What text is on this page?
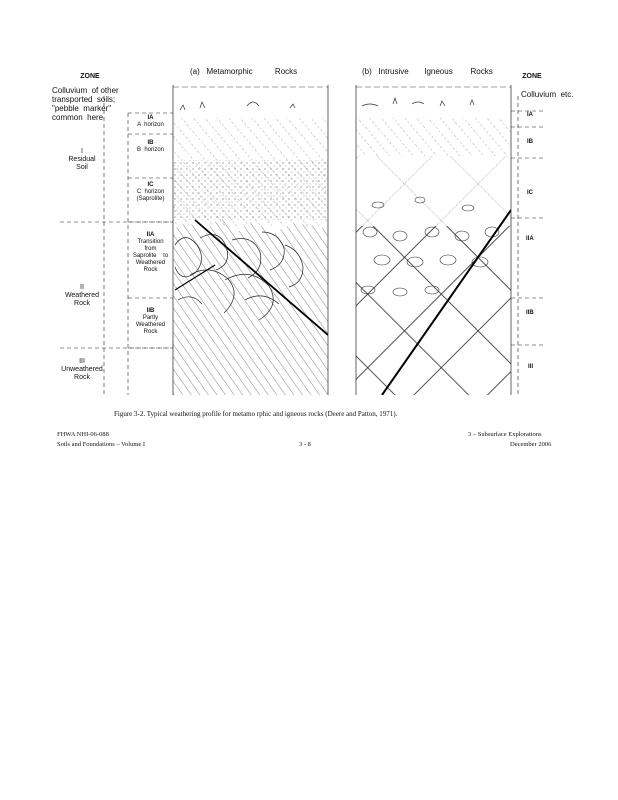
ZONE	ZONE
(a)   Metamorphic          Rocks	(b)   Intrusive       Igneous        Rocks
Colluvium  of other
transported  soils;
"pebble  marker"
common  here
Colluvium  etc.
I
Residual
Soil
II
Weathered
Rock
III
Unweathered
Rock
IA
A  horizon
IB
B  horizon
IC
C  horizon
(Saprolite)
IIA
Transition
from
Saprolite    to
Weathered
Rock
IIB
Partly
Weathered
Rock
IA
IB
IC
IIA
IIB
III
Figure 3-2. Typical weathering profile for metamo rphic and igneous rocks (Deere and Patton, 1971).
FHWA NHI-06-088
Soils and Foundations – Volume I	3 - 8
3 – Subsurface Explorations
December 2006
